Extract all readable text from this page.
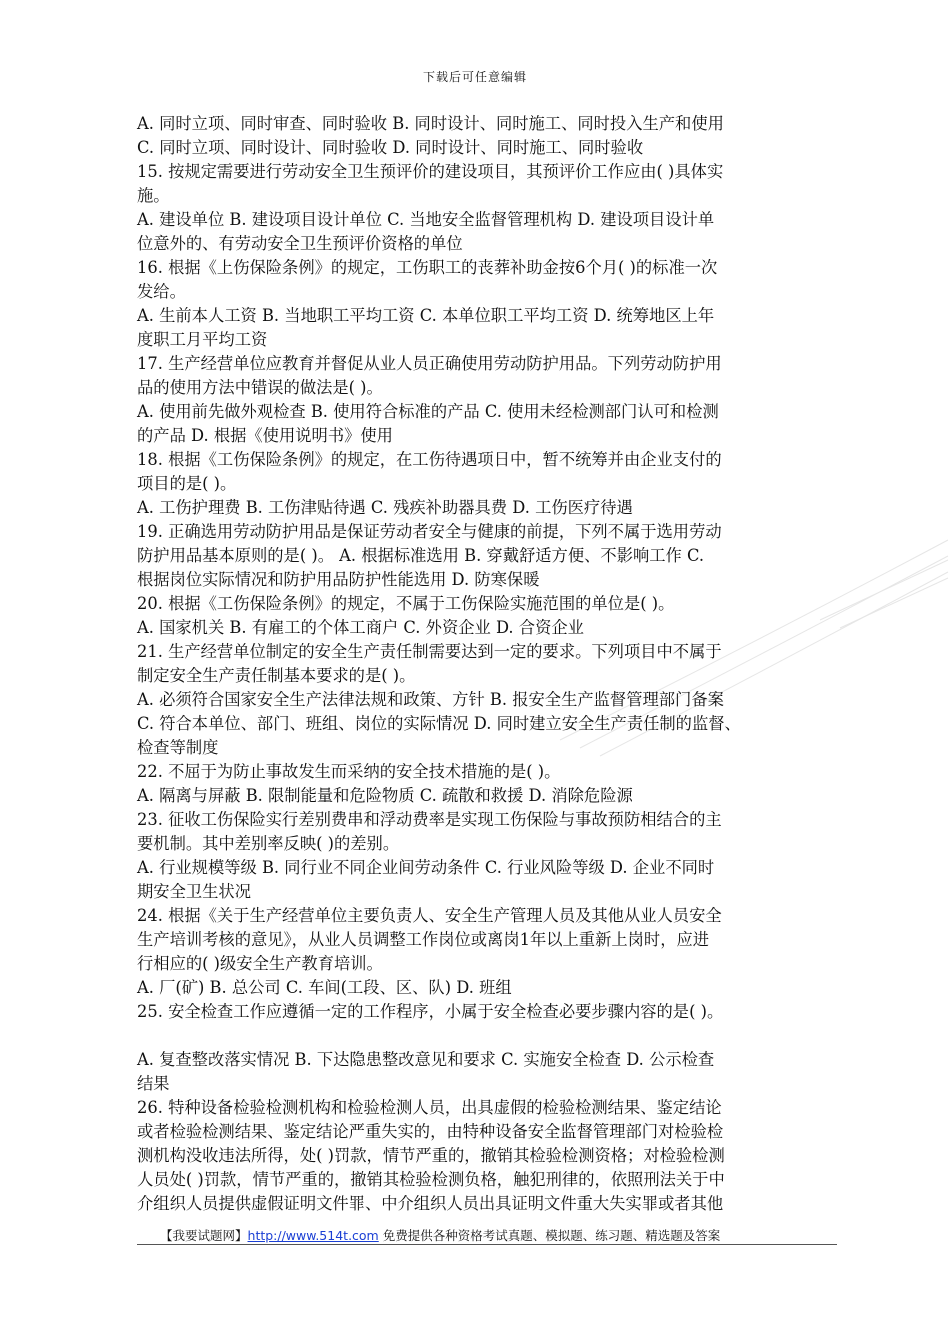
下载后可任意编辑
A. 同时立项、同时审查、同时验收 B. 同时设计、同时施工、同时投入生产和使用
C. 同时立项、同时设计、同时验收 D. 同时设计、同时施工、同时验收
15. 按规定需要进行劳动安全卫生预评价的建设项目，其预评价工作应由( )具体实
施。
A. 建设单位 B. 建设项目设计单位 C. 当地安全监督管理机构 D. 建设项目设计单
位意外的、有劳动安全卫生预评价资格的单位
16. 根据《上伤保险条例》的规定，工伤职工的丧葬补助金按6个月( )的标准一次
发给。
A. 生前本人工资 B. 当地职工平均工资 C. 本单位职工平均工资 D. 统筹地区上年
度职工月平均工资
17. 生产经营单位应教育并督促从业人员正确使用劳动防护用品。下列劳动防护用
品的使用方法中错误的做法是( )。
A. 使用前先做外观检查 B. 使用符合标准的产品 C. 使用未经检测部门认可和检测
的产品 D. 根据《使用说明书》使用
18. 根据《工伤保险条例》的规定，在工伤待遇项日中，暂不统筹并由企业支付的
项目的是( )。
A. 工伤护理费 B. 工伤津贴待遇 C. 残疾补助器具费 D. 工伤医疗待遇
19. 正确选用劳动防护用品是保证劳动者安全与健康的前提，下列不属于选用劳动
防护用品基本原则的是( )。 A. 根据标准选用 B. 穿戴舒适方便、不影响工作 C.
根据岗位实际情况和防护用品防护性能选用 D. 防寒保暖
20. 根据《工伤保险条例》的规定，不属于工伤保险实施范围的单位是( )。
A. 国家机关 B. 有雇工的个体工商户 C. 外资企业 D. 合资企业
21. 生产经营单位制定的安全生产责任制需要达到一定的要求。下列项目中不属于
制定安全生产责任制基本要求的是( )。
A. 必须符合国家安全生产法律法规和政策、方针 B. 报安全生产监督管理部门备案
C. 符合本单位、部门、班组、岗位的实际情况 D. 同时建立安全生产责任制的监督、
检查等制度
22. 不屈于为防止事故发生而采纳的安全技术措施的是( )。
A. 隔离与屏蔽 B. 限制能量和危险物质 C. 疏散和救援 D. 消除危险源
23. 征收工伤保险实行差别费串和浮动费率是实现工伤保险与事故预防相结合的主
要机制。其中差别率反映( )的差别。
A. 行业规模等级 B. 同行业不同企业间劳动条件 C. 行业风险等级 D. 企业不同时
期安全卫生状况
24. 根据《关于生产经营单位主要负责人、安全生产管理人员及其他从业人员安全
生产培训考核的意见》，从业人员调整工作岗位或离岗1年以上重新上岗时，应进
行相应的( )级安全生产教育培训。
A. 厂(矿) B. 总公司 C. 车间(工段、区、队) D. 班组
25. 安全检查工作应遵循一定的工作程序，小属于安全检查必要步骤内容的是( )。
A. 复查整改落实情况 B. 下达隐患整改意见和要求 C. 实施安全检查 D. 公示检查
结果
26. 特种设备检验检测机构和检验检测人员，出具虚假的检验检测结果、鉴定结论
或者检验检测结果、鉴定结论严重失实的，由特种设备安全监督管理部门对检验检
测机构没收违法所得，处( )罚款，情节严重的，撤销其检验检测资格；对检验检测
人员处( )罚款，情节严重的，撤销其检验检测负格，触犯刑律的，依照刑法关于中
介组织人员提供虚假证明文件罪、中介组织人员出具证明文件重大失实罪或者其他
【我要试题网】http://www.514t.com 免费提供各种资格考试真题、模拟题、练习题、精选题及答案
